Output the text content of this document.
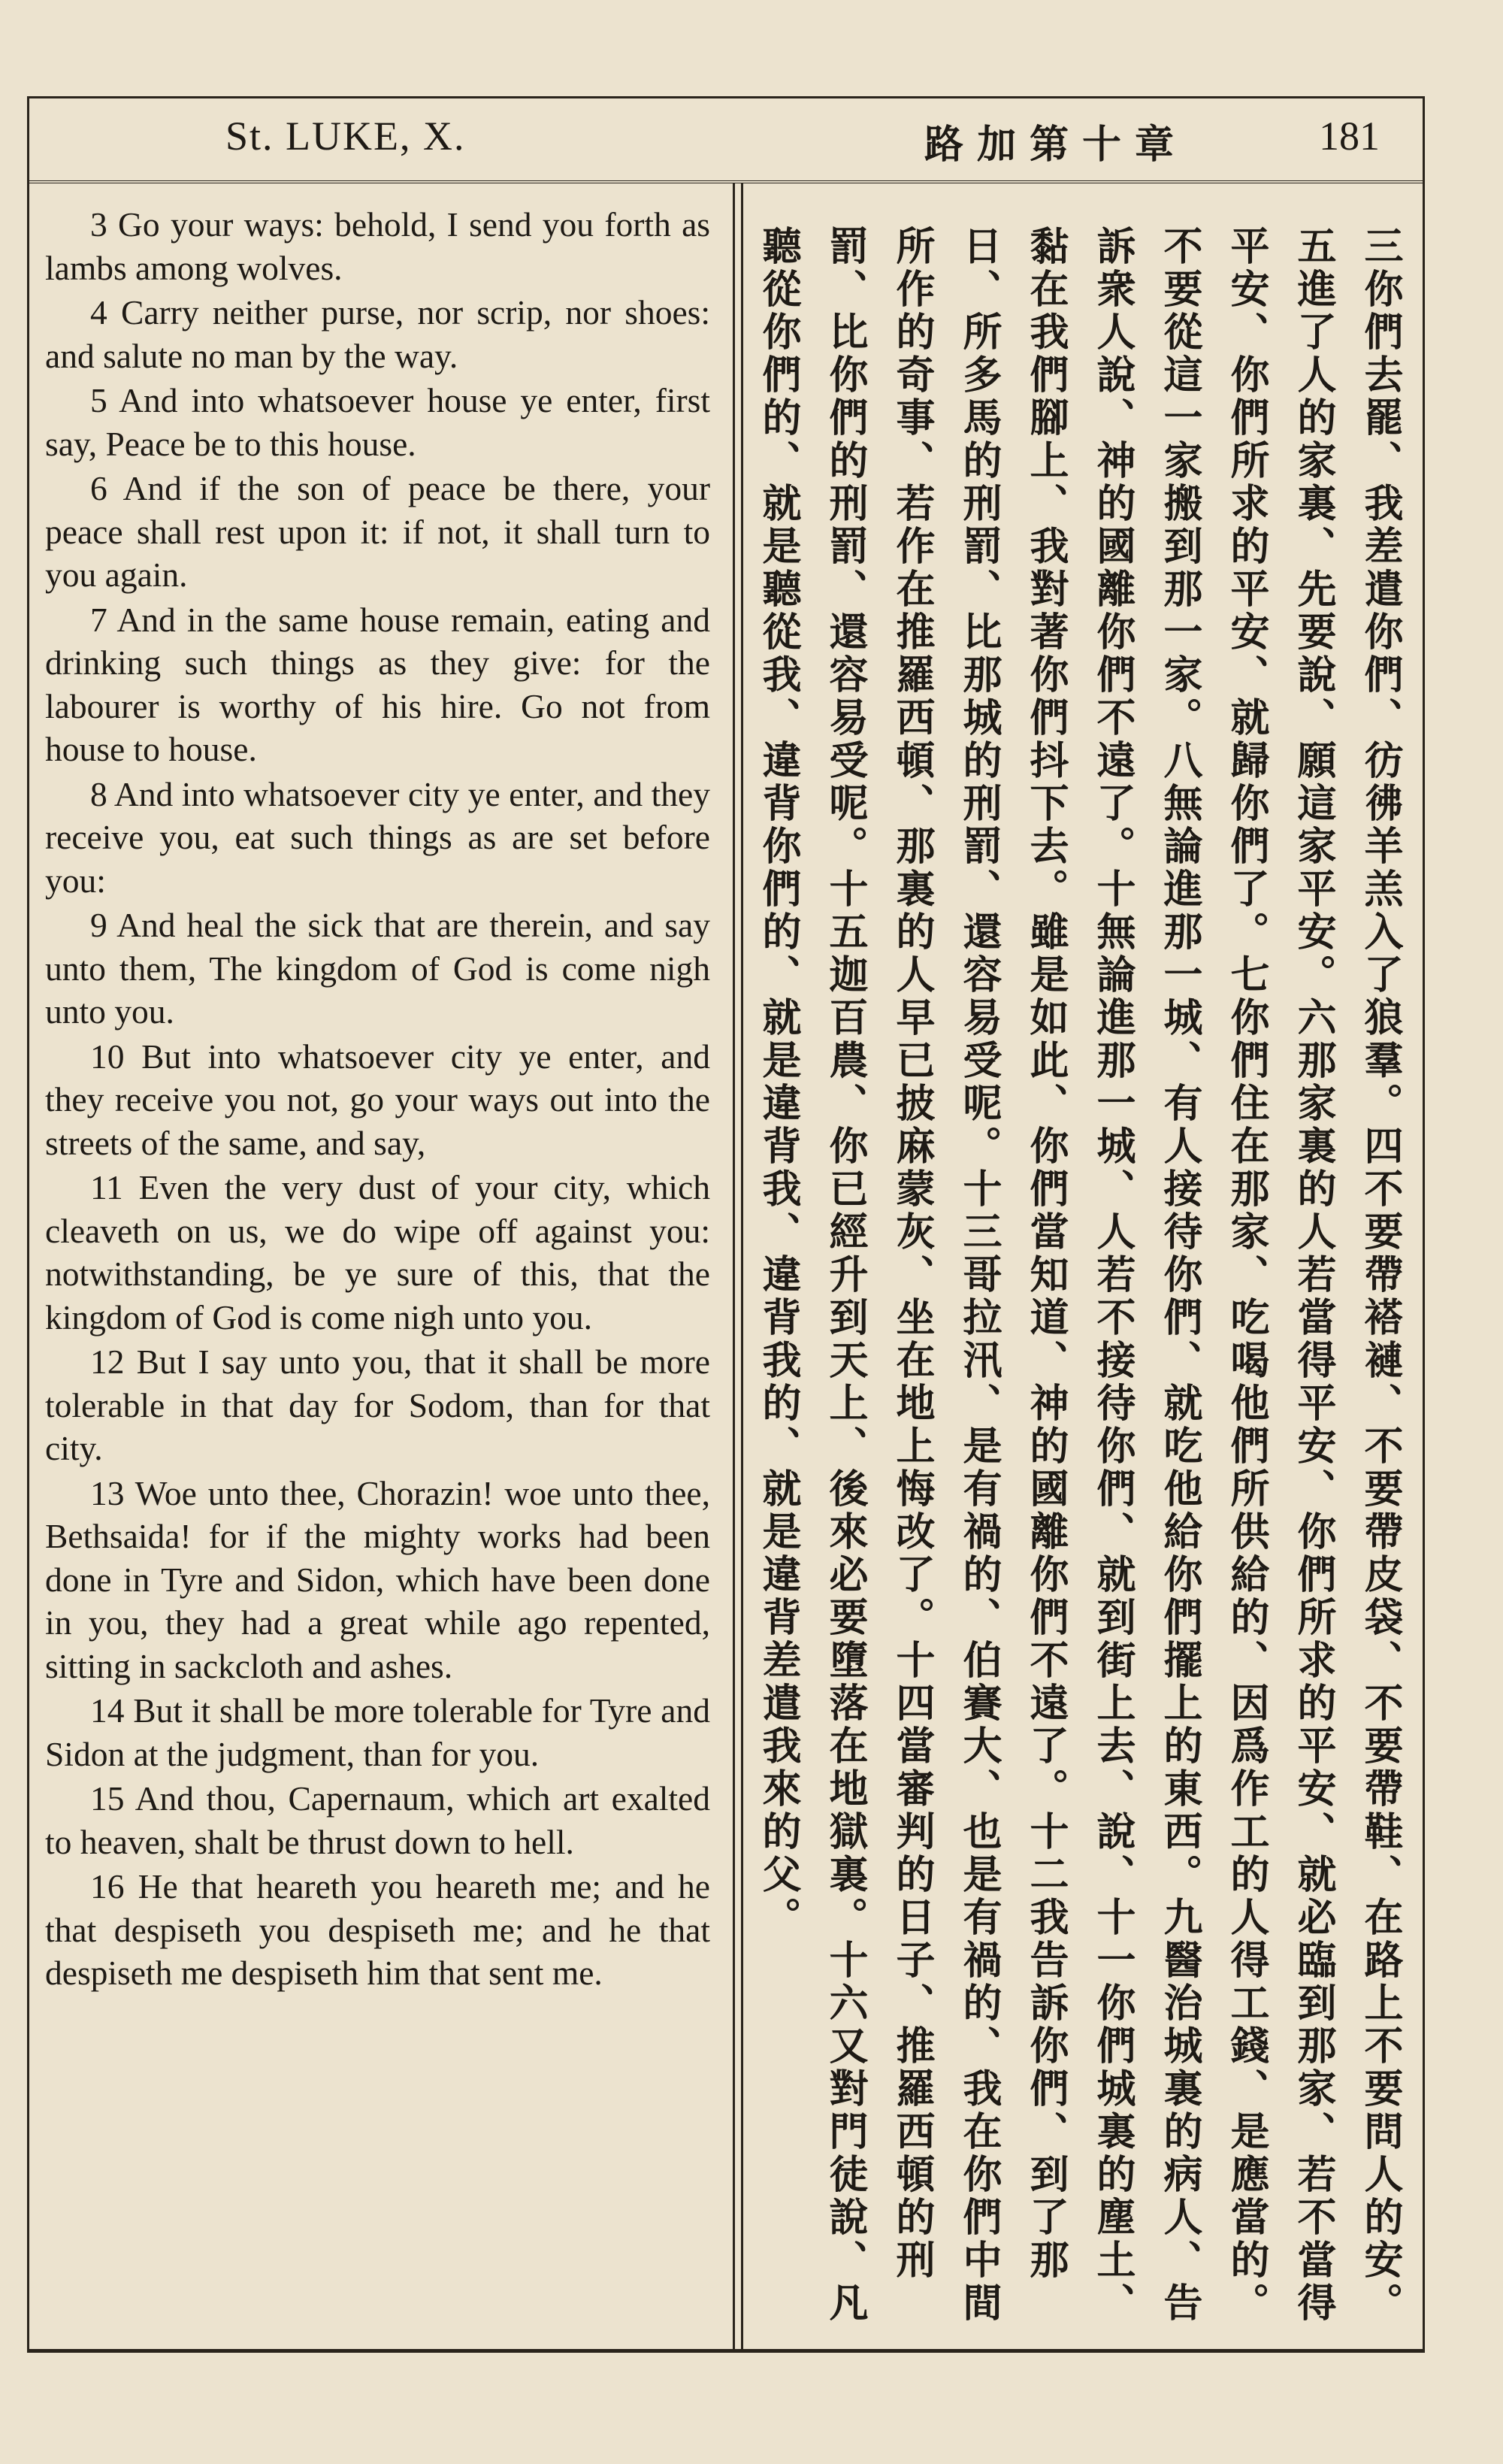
St. LUKE, X.	路加第十章	181

3 Go your ways: behold, I send you forth as lambs among wolves.

4 Carry neither purse, nor scrip, nor shoes: and salute no man by the way.

5 And into whatsoever house ye enter, first say, Peace be to this house.

6 And if the son of peace be there, your peace shall rest upon it: if not, it shall turn to you again.

7 And in the same house remain, eating and drinking such things as they give: for the labourer is worthy of his hire. Go not from house to house.

8 And into whatsoever city ye enter, and they receive you, eat such things as are set before you:

9 And heal the sick that are therein, and say unto them, The kingdom of God is come nigh unto you.

10 But into whatsoever city ye enter, and they receive you not, go your ways out into the streets of the same, and say,

11 Even the very dust of your city, which cleaveth on us, we do wipe off against you: notwithstanding, be ye sure of this, that the kingdom of God is come nigh unto you.

12 But I say unto you, that it shall be more tolerable in that day for Sodom, than for that city.

13 Woe unto thee, Chorazin! woe unto thee, Bethsaida! for if the mighty works had been done in Tyre and Sidon, which have been done in you, they had a great while ago repented, sitting in sackcloth and ashes.

14 But it shall be more tolerable for Tyre and Sidon at the judgment, than for you.

15 And thou, Capernaum, which art exalted to heaven, shalt be thrust down to hell.

16 He that heareth you heareth me; and he that despiseth you despiseth me; and he that despiseth me despiseth him that sent me.	三你們去罷、我差遣你們、彷彿羊羔入了狼羣。四不要帶褡褳、不要帶皮袋、不要帶鞋、在路上不要問人的安。五進了人的家裏、先要說、願這家平安。六那家裏的人若當得平安、你們所求的平安、就必臨到那家、若不當得平安、你們所求的平安、就歸你們了。七你們住在那家、吃喝他們所供給的、因爲作工的人得工錢、是應當的。不要從這一家搬到那一家。八無論進那一城、有人接待你們、就吃他給你們擺上的東西。九醫治城裏的病人、告訴衆人說、神的國離你們不遠了。十無論進那一城、人若不接待你們、就到街上去、說、十一你們城裏的塵土、黏在我們腳上、我對著你們抖下去。雖是如此、你們當知道、神的國離你們不遠了。十二我告訴你們、到了那日、所多馬的刑罰、比那城的刑罰、還容易受呢。十三哥拉汛、是有禍的、伯賽大、也是有禍的、我在你們中間所作的奇事、若作在推羅西頓、那裏的人早已披麻蒙灰、坐在地上悔改了。十四當審判的日子、推羅西頓的刑罰、比你們的刑罰、還容易受呢。十五迦百農、你已經升到天上、後來必要墮落在地獄裏。十六又對門徒說、凡聽從你們的、就是聽從我、違背你們的、就是違背我、違背我的、就是違背差遣我來的父。
